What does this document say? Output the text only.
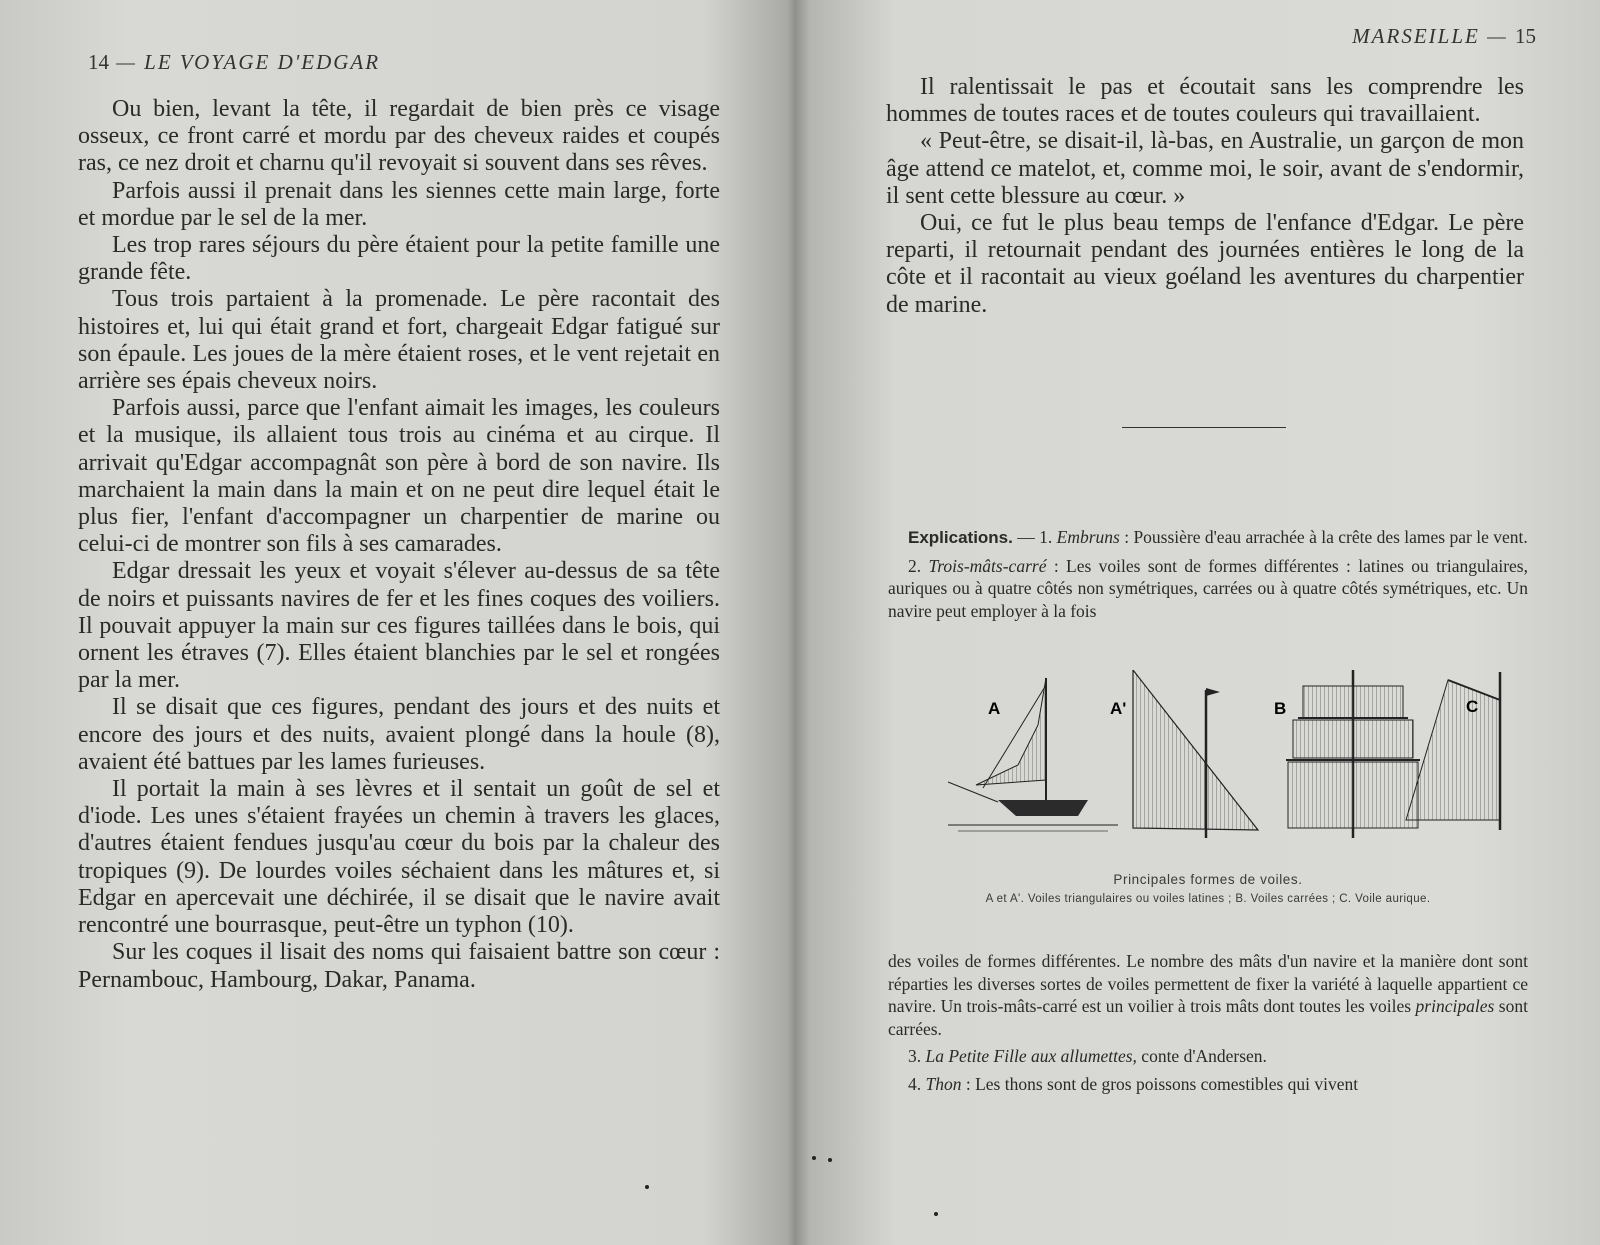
14 — LE VOYAGE D'EDGAR

Ou bien, levant la tête, il regardait de bien près ce visage osseux, ce front carré et mordu par des cheveux raides et coupés ras, ce nez droit et charnu qu'il revoyait si souvent dans ses rêves.

Parfois aussi il prenait dans les siennes cette main large, forte et mordue par le sel de la mer.

Les trop rares séjours du père étaient pour la petite famille une grande fête.

Tous trois partaient à la promenade. Le père racontait des histoires et, lui qui était grand et fort, chargeait Edgar fatigué sur son épaule. Les joues de la mère étaient roses, et le vent rejetait en arrière ses épais cheveux noirs.

Parfois aussi, parce que l'enfant aimait les images, les couleurs et la musique, ils allaient tous trois au cinéma et au cirque. Il arrivait qu'Edgar accompagnât son père à bord de son navire. Ils marchaient la main dans la main et on ne peut dire lequel était le plus fier, l'enfant d'accompagner un charpentier de marine ou celui-ci de montrer son fils à ses camarades.

Edgar dressait les yeux et voyait s'élever au-dessus de sa tête de noirs et puissants navires de fer et les fines coques des voiliers. Il pouvait appuyer la main sur ces figures taillées dans le bois, qui ornent les étraves (7). Elles étaient blanchies par le sel et rongées par la mer.

Il se disait que ces figures, pendant des jours et des nuits et encore des jours et des nuits, avaient plongé dans la houle (8), avaient été battues par les lames furieuses.

Il portait la main à ses lèvres et il sentait un goût de sel et d'iode. Les unes s'étaient frayées un chemin à travers les glaces, d'autres étaient fendues jusqu'au cœur du bois par la chaleur des tropiques (9). De lourdes voiles séchaient dans les mâtures et, si Edgar en apercevait une déchirée, il se disait que le navire avait rencontré une bourrasque, peut-être un typhon (10).

Sur les coques il lisait des noms qui faisaient battre son cœur : Pernambouc, Hambourg, Dakar, Panama.

MARSEILLE — 15

Il ralentissait le pas et écoutait sans les comprendre les hommes de toutes races et de toutes couleurs qui travaillaient.

« Peut-être, se disait-il, là-bas, en Australie, un garçon de mon âge attend ce matelot, et, comme moi, le soir, avant de s'endormir, il sent cette blessure au cœur. »

Oui, ce fut le plus beau temps de l'enfance d'Edgar. Le père reparti, il retournait pendant des journées entières le long de la côte et il racontait au vieux goéland les aventures du charpentier de marine.

Explications. — 1. Embruns : Poussière d'eau arrachée à la crête des lames par le vent.

2. Trois-mâts-carré : Les voiles sont de formes différentes : latines ou triangulaires, auriques ou à quatre côtés non symétriques, carrées ou à quatre côtés symétriques, etc. Un navire peut employer à la fois

A	A'	B	C
Principales formes de voiles.
A et A'. Voiles triangulaires ou voiles latines ; B. Voiles carrées ; C. Voile aurique.

des voiles de formes différentes. Le nombre des mâts d'un navire et la manière dont sont réparties les diverses sortes de voiles permettent de fixer la variété à laquelle appartient ce navire. Un trois-mâts-carré est un voilier à trois mâts dont toutes les voiles principales sont carrées.

3. La Petite Fille aux allumettes, conte d'Andersen.

4. Thon : Les thons sont de gros poissons comestibles qui vivent
